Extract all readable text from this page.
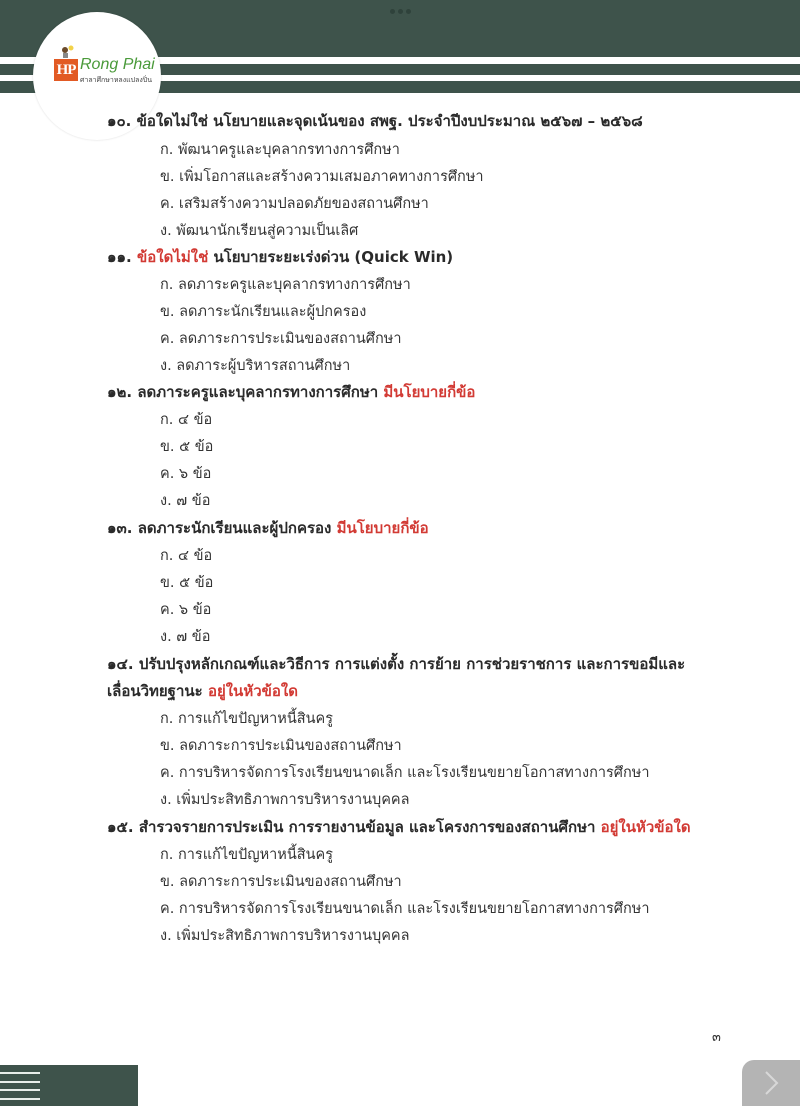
HP Rong Phai
ศาลาศึกษาหลงแปลงปิ่น
๑๐. ข้อใดไม่ใช่ นโยบายและจุดเน้นของ สพฐ. ประจำปีงบประมาณ ๒๕๖๗ – ๒๕๖๘
ก. พัฒนาครูและบุคลากรทางการศึกษา
ข. เพิ่มโอกาสและสร้างความเสมอภาคทางการศึกษา
ค. เสริมสร้างความปลอดภัยของสถานศึกษา
ง. พัฒนานักเรียนสู่ความเป็นเลิศ
๑๑. ข้อใดไม่ใช่ นโยบายระยะเร่งด่วน (Quick Win)
ก. ลดภาระครูและบุคลากรทางการศึกษา
ข. ลดภาระนักเรียนและผู้ปกครอง
ค. ลดภาระการประเมินของสถานศึกษา
ง. ลดภาระผู้บริหารสถานศึกษา
๑๒. ลดภาระครูและบุคลากรทางการศึกษา มีนโยบายกี่ข้อ
ก. ๔ ข้อ
ข. ๕ ข้อ
ค. ๖ ข้อ
ง. ๗ ข้อ
๑๓. ลดภาระนักเรียนและผู้ปกครอง มีนโยบายกี่ข้อ
ก. ๔ ข้อ
ข. ๕ ข้อ
ค. ๖ ข้อ
ง. ๗ ข้อ
๑๔. ปรับปรุงหลักเกณฑ์และวิธีการ การแต่งตั้ง การย้าย การช่วยราชการ และการขอมีและ
เลื่อนวิทยฐานะ อยู่ในหัวข้อใด
ก. การแก้ไขปัญหาหนี้สินครู
ข. ลดภาระการประเมินของสถานศึกษา
ค. การบริหารจัดการโรงเรียนขนาดเล็ก และโรงเรียนขยายโอกาสทางการศึกษา
ง. เพิ่มประสิทธิภาพการบริหารงานบุคคล
๑๕. สำรวจรายการประเมิน การรายงานข้อมูล และโครงการของสถานศึกษา อยู่ในหัวข้อใด
ก. การแก้ไขปัญหาหนี้สินครู
ข. ลดภาระการประเมินของสถานศึกษา
ค. การบริหารจัดการโรงเรียนขนาดเล็ก และโรงเรียนขยายโอกาสทางการศึกษา
ง. เพิ่มประสิทธิภาพการบริหารงานบุคคล
๓
